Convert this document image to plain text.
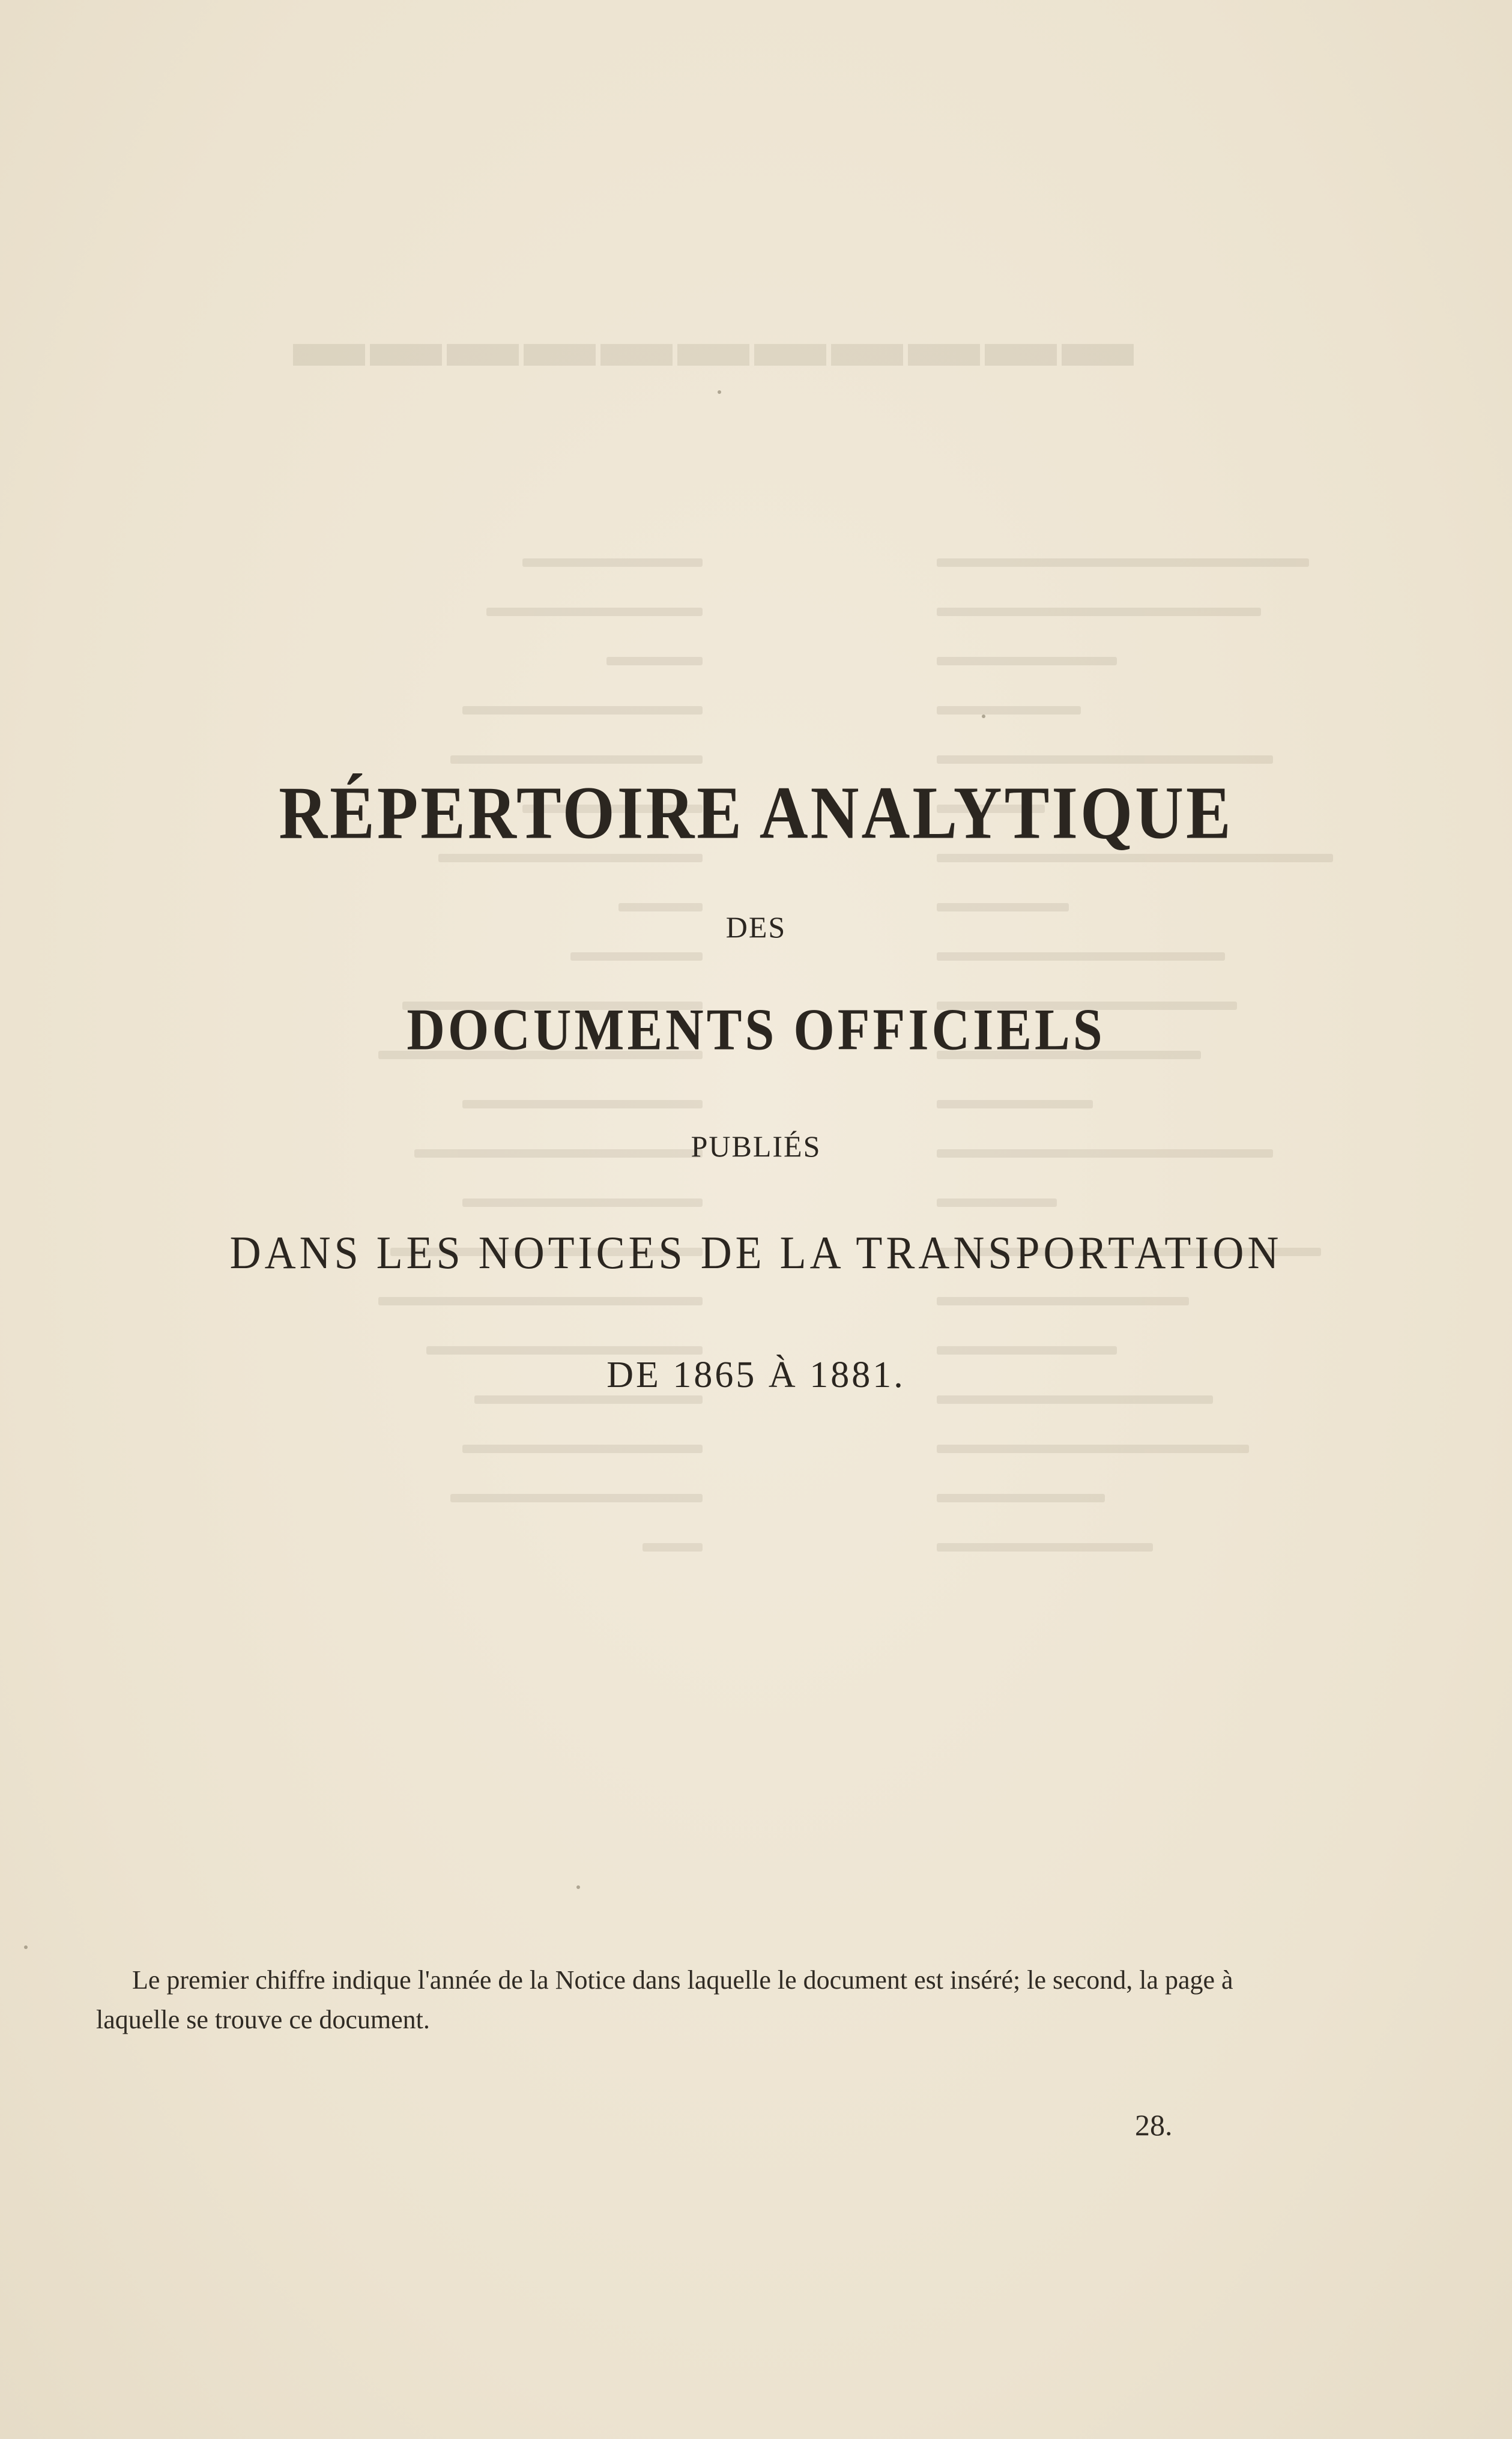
▬▬▬▬▬▬▬▬▬▬▬
RÉPERTOIRE ANALYTIQUE
DES
DOCUMENTS OFFICIELS
PUBLIÉS
DANS LES NOTICES DE LA TRANSPORTATION
DE 1865 À 1881.
Le premier chiffre indique l'année de la Notice dans laquelle le document est inséré; le second, la page à laquelle se trouve ce document.
28.
